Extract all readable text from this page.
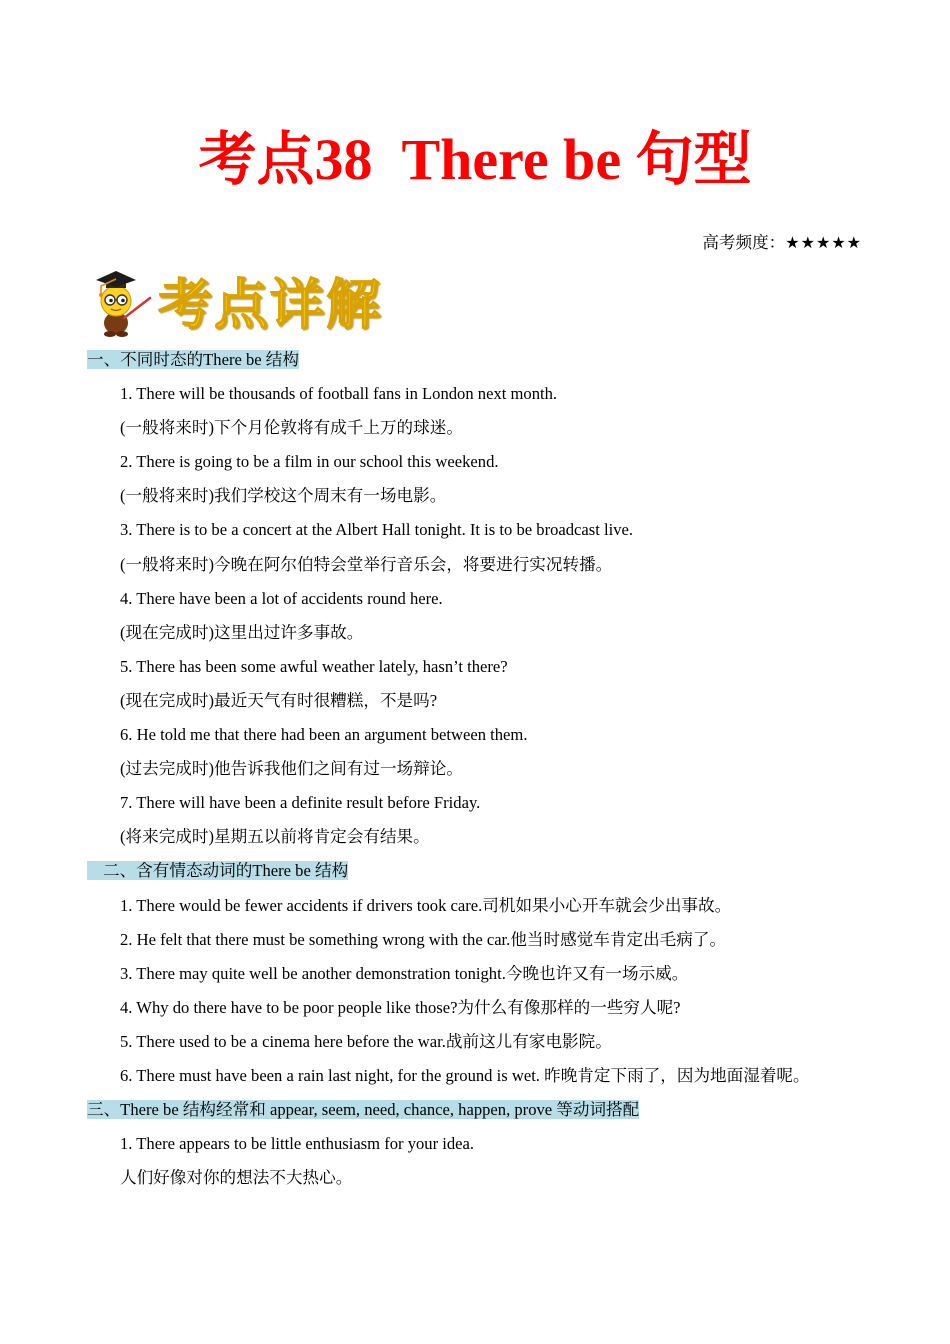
考点38  There be 句型
高考频度：★★★★★
考点详解
一、不同时态的There be 结构
1. There will be thousands of football fans in London next month.
(一般将来时)下个月伦敦将有成千上万的球迷。
2. There is going to be a film in our school this weekend.
(一般将来时)我们学校这个周末有一场电影。
3. There is to be a concert at the Albert Hall tonight. It is to be broadcast live.
(一般将来时)今晚在阿尔伯特会堂举行音乐会，将要进行实况转播。
4. There have been a lot of accidents round here.
(现在完成时)这里出过许多事故。
5. There has been some awful weather lately, hasn’t there?
(现在完成时)最近天气有时很糟糕，不是吗?
6. He told me that there had been an argument between them.
(过去完成时)他告诉我他们之间有过一场辩论。
7. There will have been a definite result before Friday.
(将来完成时)星期五以前将肯定会有结果。
二、含有情态动词的There be 结构
1. There would be fewer accidents if drivers took care.司机如果小心开车就会少出事故。
2. He felt that there must be something wrong with the car.他当时感觉车肯定出毛病了。
3. There may quite well be another demonstration tonight.今晚也许又有一场示威。
4. Why do there have to be poor people like those?为什么有像那样的一些穷人呢?
5. There used to be a cinema here before the war.战前这儿有家电影院。
6. There must have been a rain last night, for the ground is wet. 昨晚肯定下雨了，因为地面湿着呢。
三、There be 结构经常和 appear, seem, need, chance, happen, prove 等动词搭配
1. There appears to be little enthusiasm for your idea.
人们好像对你的想法不大热心。
